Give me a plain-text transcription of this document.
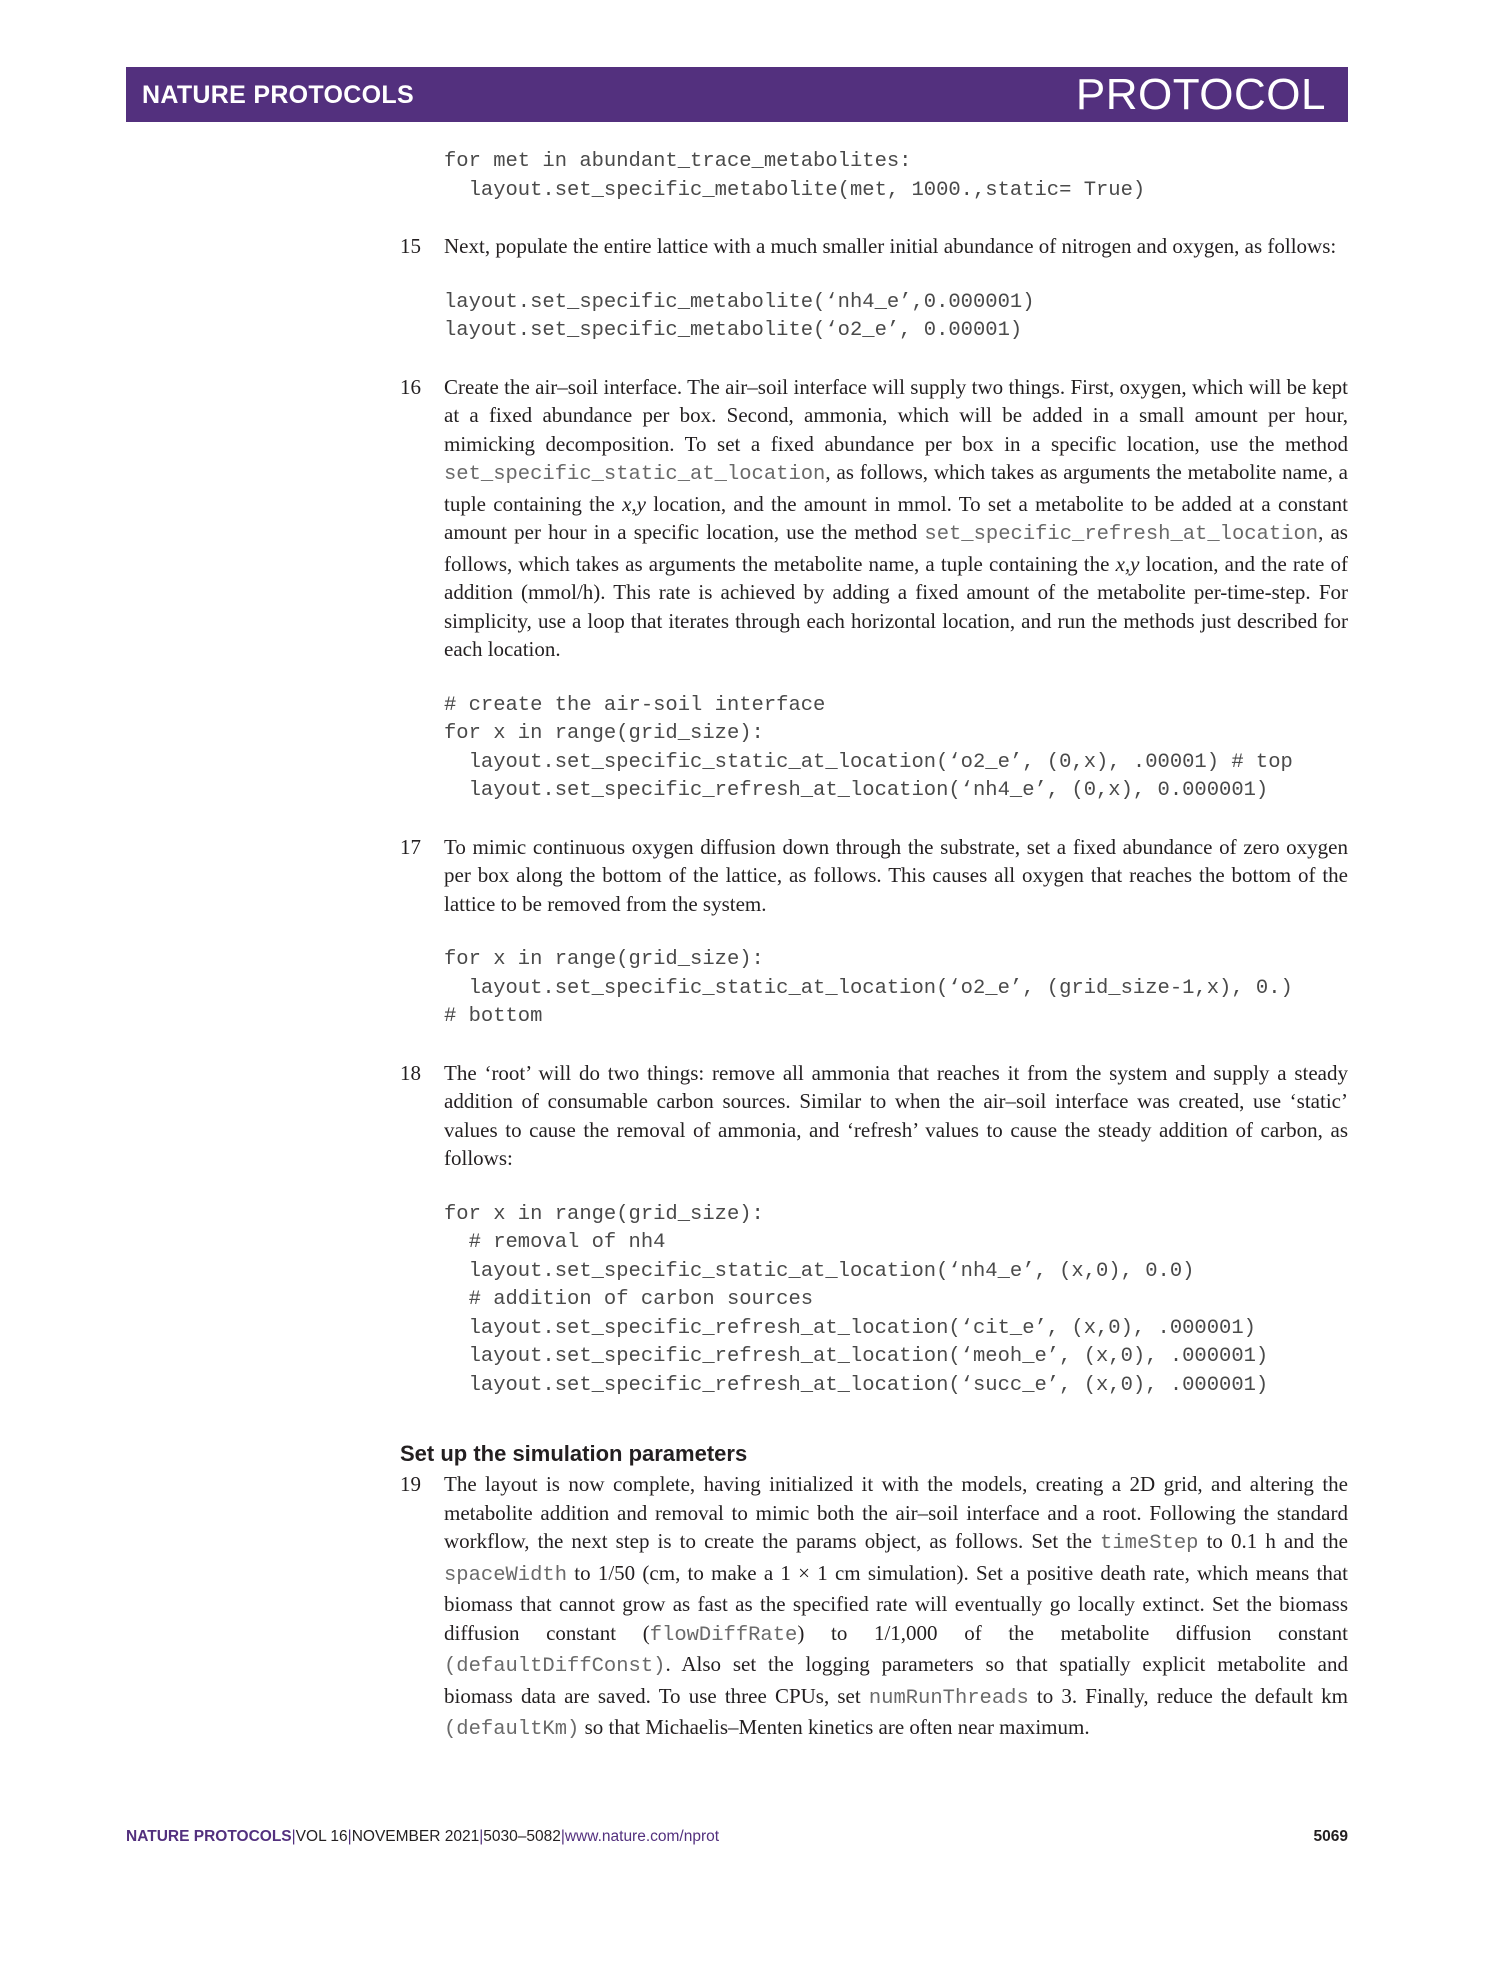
NATURE PROTOCOLS	PROTOCOL
for met in abundant_trace_metabolites:
layout.set_specific_metabolite(met, 1000.,static= True)
15 Next, populate the entire lattice with a much smaller initial abundance of nitrogen and oxygen, as follows:
layout.set_specific_metabolite(‘nh4_e’,0.000001)
layout.set_specific_metabolite(‘o2_e’, 0.00001)
16 Create the air–soil interface. The air–soil interface will supply two things. First, oxygen, which will be kept at a fixed abundance per box. Second, ammonia, which will be added in a small amount per hour, mimicking decomposition. To set a fixed abundance per box in a specific location, use the method set_specific_static_at_location, as follows, which takes as arguments the metabolite name, a tuple containing the x,y location, and the amount in mmol. To set a metabolite to be added at a constant amount per hour in a specific location, use the method set_specific_refresh_at_location, as follows, which takes as arguments the metabolite name, a tuple containing the x,y location, and the rate of addition (mmol/h). This rate is achieved by adding a fixed amount of the metabolite per-time-step. For simplicity, use a loop that iterates through each horizontal location, and run the methods just described for each location.
# create the air-soil interface
for x in range(grid_size):
layout.set_specific_static_at_location(‘o2_e’, (0,x), .00001) # top
layout.set_specific_refresh_at_location(‘nh4_e’, (0,x), 0.000001)
17 To mimic continuous oxygen diffusion down through the substrate, set a fixed abundance of zero oxygen per box along the bottom of the lattice, as follows. This causes all oxygen that reaches the bottom of the lattice to be removed from the system.
for x in range(grid_size):
layout.set_specific_static_at_location(‘o2_e’, (grid_size-1,x), 0.)
# bottom
18 The ‘root’ will do two things: remove all ammonia that reaches it from the system and supply a steady addition of consumable carbon sources. Similar to when the air–soil interface was created, use ‘static’ values to cause the removal of ammonia, and ‘refresh’ values to cause the steady addition of carbon, as follows:
for x in range(grid_size):
# removal of nh4
layout.set_specific_static_at_location(‘nh4_e’, (x,0), 0.0)
# addition of carbon sources
layout.set_specific_refresh_at_location(‘cit_e’, (x,0), .000001)
layout.set_specific_refresh_at_location(‘meoh_e’, (x,0), .000001)
layout.set_specific_refresh_at_location(‘succ_e’, (x,0), .000001)
Set up the simulation parameters
19 The layout is now complete, having initialized it with the models, creating a 2D grid, and altering the metabolite addition and removal to mimic both the air–soil interface and a root. Following the standard workflow, the next step is to create the params object, as follows. Set the timeStep to 0.1 h and the spaceWidth to 1/50 (cm, to make a 1 × 1 cm simulation). Set a positive death rate, which means that biomass that cannot grow as fast as the specified rate will eventually go locally extinct. Set the biomass diffusion constant (flowDiffRate) to 1/1,000 of the metabolite diffusion constant (defaultDiffConst). Also set the logging parameters so that spatially explicit metabolite and biomass data are saved. To use three CPUs, set numRunThreads to 3. Finally, reduce the default km (defaultKm) so that Michaelis–Menten kinetics are often near maximum.
NATURE PROTOCOLS|VOL 16|NOVEMBER 2021|5030–5082|www.nature.com/nprot	5069
